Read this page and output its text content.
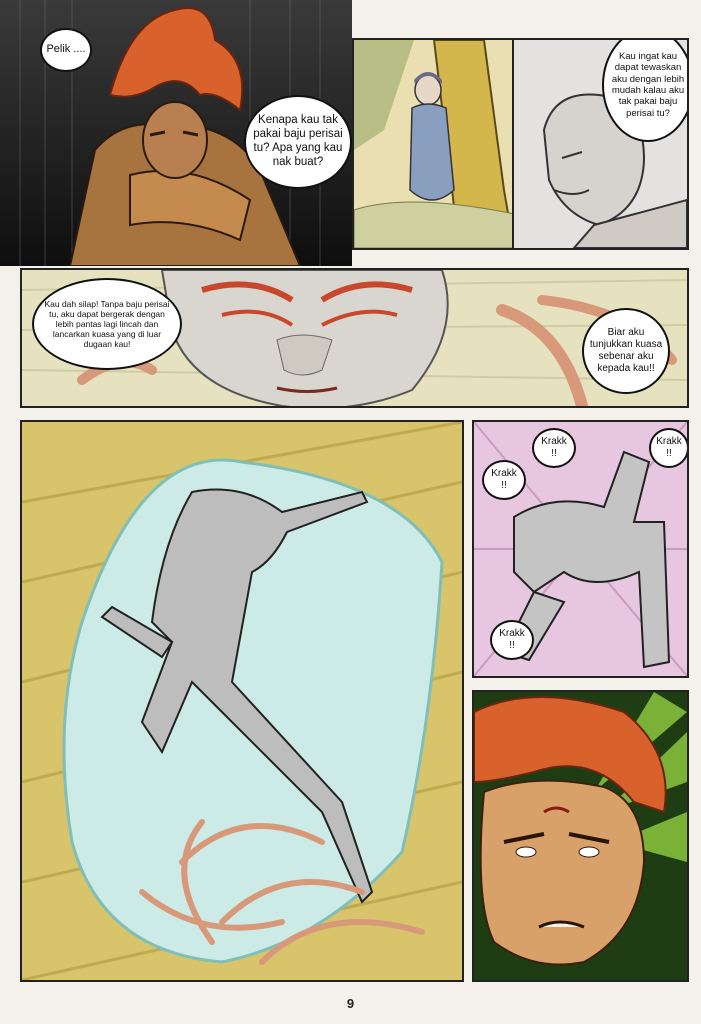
Pelik ....
Kenapa kau tak pakai baju perisai tu? Apa yang kau nak buat?
Kau ingat kau dapat tewaskan aku dengan lebih mudah kalau aku tak pakai baju perisai tu?
Kau dah silap! Tanpa baju perisai tu, aku dapat bergerak dengan lebih pantas lagi lincah dan lancarkan kuasa yang di luar dugaan kau!
Biar aku tunjukkan kuasa sebenar aku kepada kau!!
Krakk !!
Krakk !!
Krakk !!
Krakk !!
9
